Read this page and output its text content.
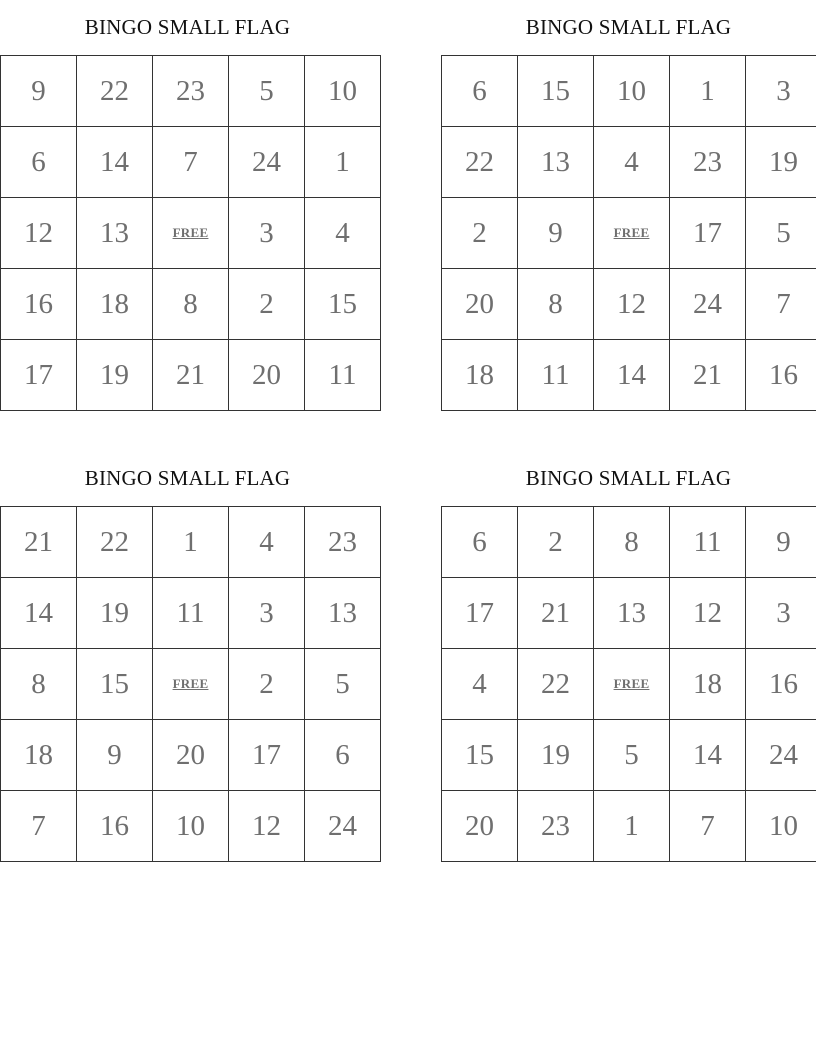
BINGO SMALL FLAG
9	22	23	5	10
6	14	7	24	1
12	13	FREE	3	4
16	18	8	2	15
17	19	21	20	11
BINGO SMALL FLAG
6	15	10	1	3
22	13	4	23	19
2	9	FREE	17	5
20	8	12	24	7
18	11	14	21	16
BINGO SMALL FLAG
21	22	1	4	23
14	19	11	3	13
8	15	FREE	2	5
18	9	20	17	6
7	16	10	12	24
BINGO SMALL FLAG
6	2	8	11	9
17	21	13	12	3
4	22	FREE	18	16
15	19	5	14	24
20	23	1	7	10
